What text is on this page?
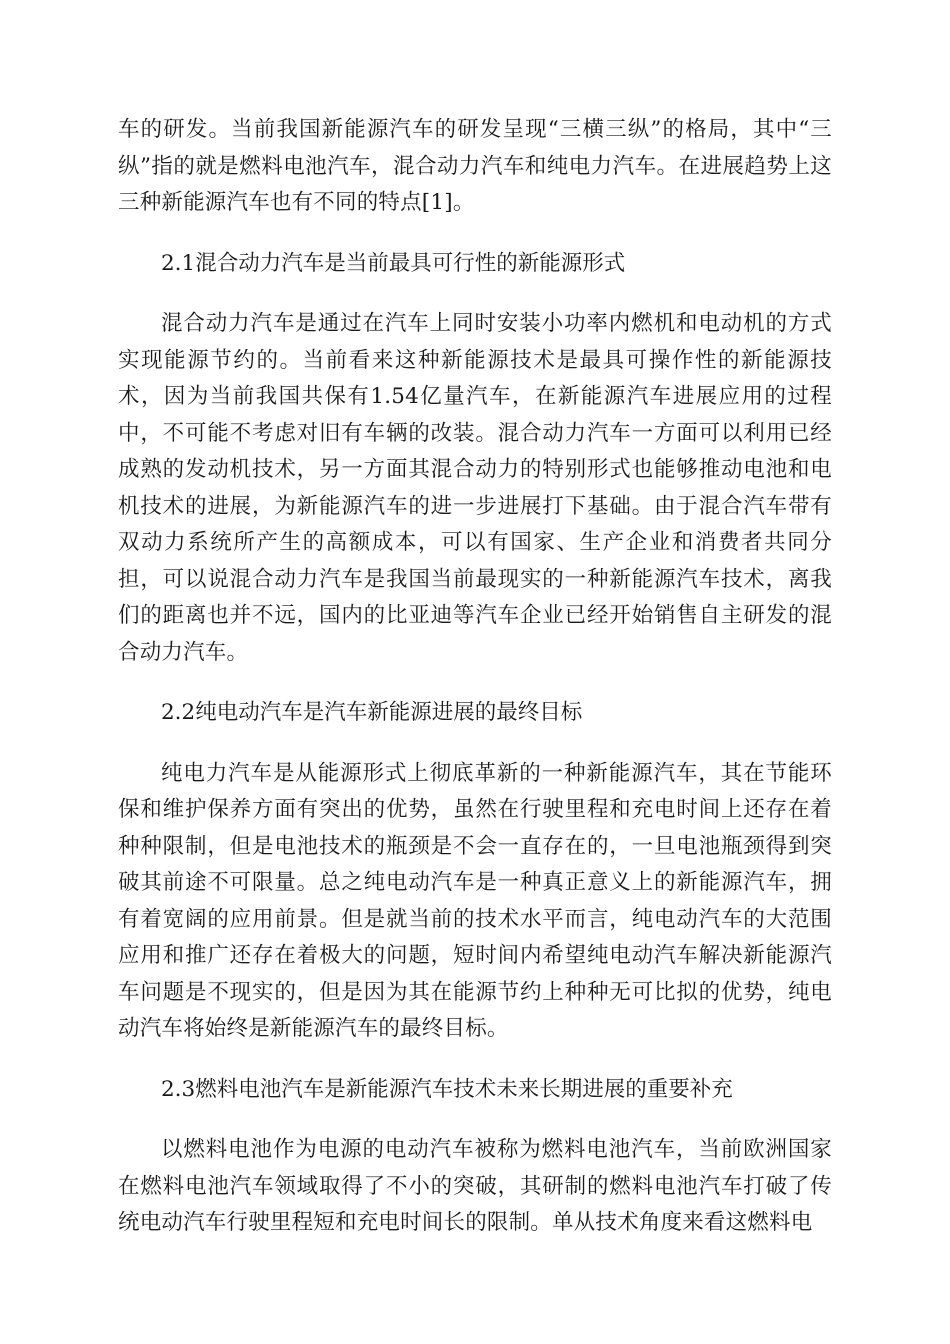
车的研发。当前我国新能源汽车的研发呈现“三横三纵”的格局，其中“三纵”指的就是燃料电池汽车，混合动力汽车和纯电力汽车。在进展趋势上这三种新能源汽车也有不同的特点[1]。

2.1混合动力汽车是当前最具可行性的新能源形式

混合动力汽车是通过在汽车上同时安装小功率内燃机和电动机的方式实现能源节约的。当前看来这种新能源技术是最具可操作性的新能源技术，因为当前我国共保有1.54亿量汽车，在新能源汽车进展应用的过程中，不可能不考虑对旧有车辆的改装。混合动力汽车一方面可以利用已经成熟的发动机技术，另一方面其混合动力的特别形式也能够推动电池和电机技术的进展，为新能源汽车的进一步进展打下基础。由于混合汽车带有双动力系统所产生的高额成本，可以有国家、生产企业和消费者共同分担，可以说混合动力汽车是我国当前最现实的一种新能源汽车技术，离我们的距离也并不远，国内的比亚迪等汽车企业已经开始销售自主研发的混合动力汽车。

2.2纯电动汽车是汽车新能源进展的最终目标

纯电力汽车是从能源形式上彻底革新的一种新能源汽车，其在节能环保和维护保养方面有突出的优势，虽然在行驶里程和充电时间上还存在着种种限制，但是电池技术的瓶颈是不会一直存在的，一旦电池瓶颈得到突破其前途不可限量。总之纯电动汽车是一种真正意义上的新能源汽车，拥有着宽阔的应用前景。但是就当前的技术水平而言，纯电动汽车的大范围应用和推广还存在着极大的问题，短时间内希望纯电动汽车解决新能源汽车问题是不现实的，但是因为其在能源节约上种种无可比拟的优势，纯电动汽车将始终是新能源汽车的最终目标。

2.3燃料电池汽车是新能源汽车技术未来长期进展的重要补充

以燃料电池作为电源的电动汽车被称为燃料电池汽车，当前欧洲国家在燃料电池汽车领域取得了不小的突破，其研制的燃料电池汽车打破了传统电动汽车行驶里程短和充电时间长的限制。单从技术角度来看这燃料电
